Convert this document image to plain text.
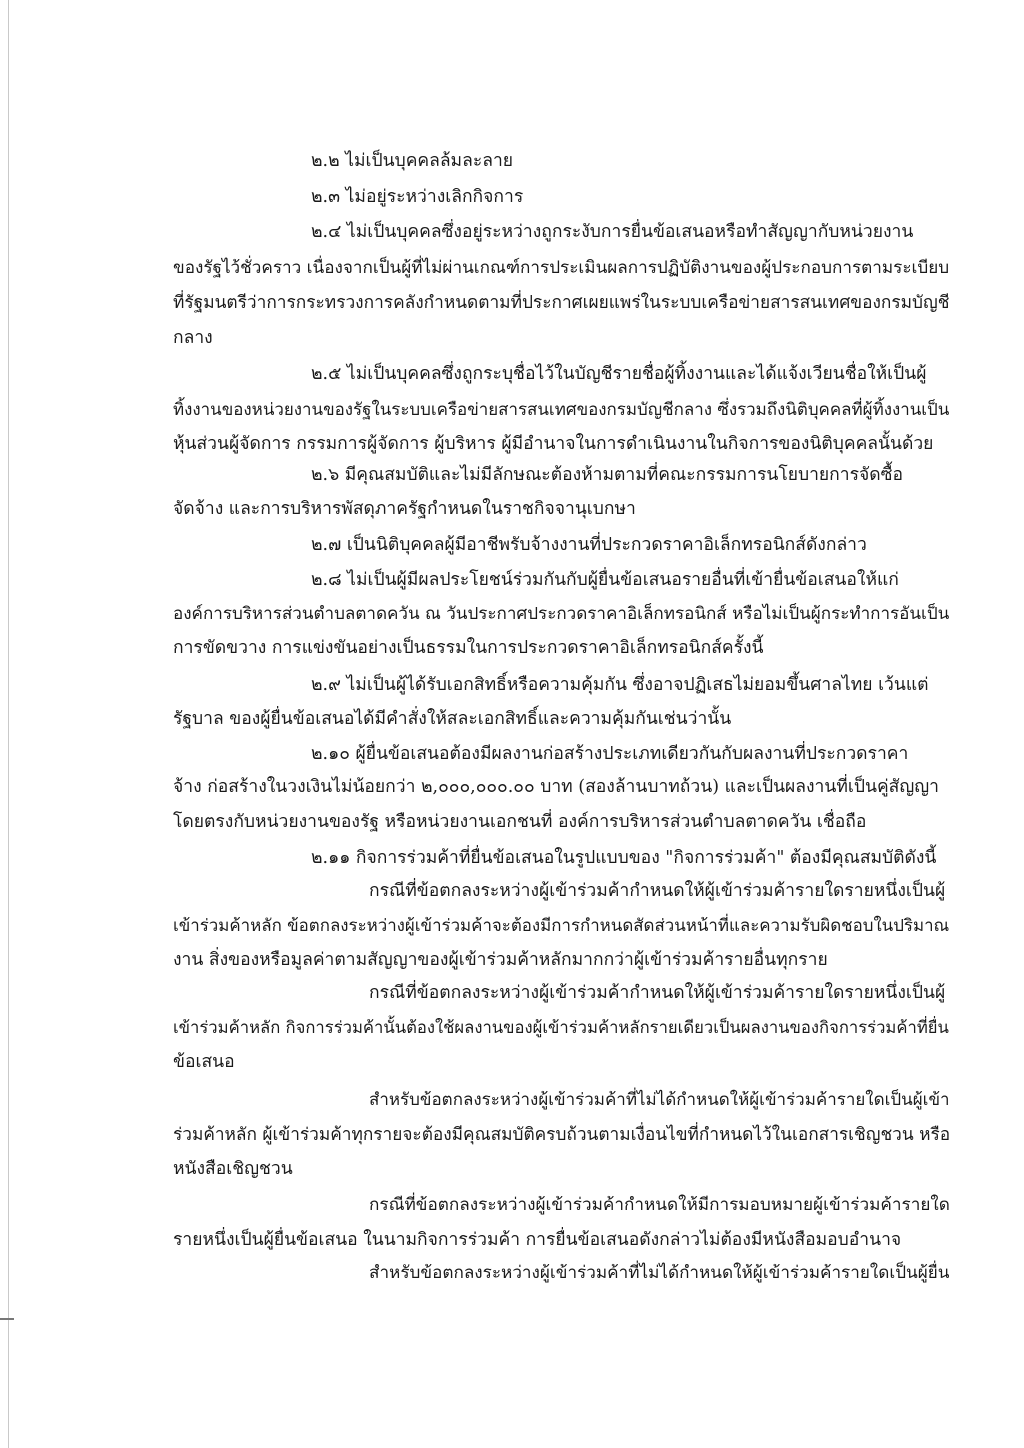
๒.๒ ไม่เป็นบุคคลล้มละลาย
๒.๓ ไม่อยู่ระหว่างเลิกกิจการ
๒.๔ ไม่เป็นบุคคลซึ่งอยู่ระหว่างถูกระงับการยื่นข้อเสนอหรือทำสัญญากับหน่วยงาน
ของรัฐไว้ชั่วคราว เนื่องจากเป็นผู้ที่ไม่ผ่านเกณฑ์การประเมินผลการปฏิบัติงานของผู้ประกอบการตามระเบียบ
ที่รัฐมนตรีว่าการกระทรวงการคลังกำหนดตามที่ประกาศเผยแพร่ในระบบเครือข่ายสารสนเทศของกรมบัญชี
กลาง
๒.๕ ไม่เป็นบุคคลซึ่งถูกระบุชื่อไว้ในบัญชีรายชื่อผู้ทิ้งงานและได้แจ้งเวียนชื่อให้เป็นผู้
ทิ้งงานของหน่วยงานของรัฐในระบบเครือข่ายสารสนเทศของกรมบัญชีกลาง ซึ่งรวมถึงนิติบุคคลที่ผู้ทิ้งงานเป็น
หุ้นส่วนผู้จัดการ กรรมการผู้จัดการ ผู้บริหาร ผู้มีอำนาจในการดำเนินงานในกิจการของนิติบุคคลนั้นด้วย
๒.๖ มีคุณสมบัติและไม่มีลักษณะต้องห้ามตามที่คณะกรรมการนโยบายการจัดซื้อ
จัดจ้าง และการบริหารพัสดุภาครัฐกำหนดในราชกิจจานุเบกษา
๒.๗ เป็นนิติบุคคลผู้มีอาชีพรับจ้างงานที่ประกวดราคาอิเล็กทรอนิกส์ดังกล่าว
๒.๘ ไม่เป็นผู้มีผลประโยชน์ร่วมกันกับผู้ยื่นข้อเสนอรายอื่นที่เข้ายื่นข้อเสนอให้แก่
องค์การบริหารส่วนตำบลตาดควัน ณ วันประกาศประกวดราคาอิเล็กทรอนิกส์ หรือไม่เป็นผู้กระทำการอันเป็น
การขัดขวาง การแข่งขันอย่างเป็นธรรมในการประกวดราคาอิเล็กทรอนิกส์ครั้งนี้
๒.๙ ไม่เป็นผู้ได้รับเอกสิทธิ์หรือความคุ้มกัน ซึ่งอาจปฏิเสธไม่ยอมขึ้นศาลไทย เว้นแต่
รัฐบาล ของผู้ยื่นข้อเสนอได้มีคำสั่งให้สละเอกสิทธิ์และความคุ้มกันเช่นว่านั้น
๒.๑๐ ผู้ยื่นข้อเสนอต้องมีผลงานก่อสร้างประเภทเดียวกันกับผลงานที่ประกวดราคา
จ้าง ก่อสร้างในวงเงินไม่น้อยกว่า ๒,๐๐๐,๐๐๐.๐๐ บาท (สองล้านบาทถ้วน) และเป็นผลงานที่เป็นคู่สัญญา
โดยตรงกับหน่วยงานของรัฐ หรือหน่วยงานเอกชนที่ องค์การบริหารส่วนตำบลตาดควัน เชื่อถือ
๒.๑๑ กิจการร่วมค้าที่ยื่นข้อเสนอในรูปแบบของ "กิจการร่วมค้า" ต้องมีคุณสมบัติดังนี้
กรณีที่ข้อตกลงระหว่างผู้เข้าร่วมค้ากำหนดให้ผู้เข้าร่วมค้ารายใดรายหนึ่งเป็นผู้
เข้าร่วมค้าหลัก ข้อตกลงระหว่างผู้เข้าร่วมค้าจะต้องมีการกำหนดสัดส่วนหน้าที่และความรับผิดชอบในปริมาณ
งาน สิ่งของหรือมูลค่าตามสัญญาของผู้เข้าร่วมค้าหลักมากกว่าผู้เข้าร่วมค้ารายอื่นทุกราย
กรณีที่ข้อตกลงระหว่างผู้เข้าร่วมค้ากำหนดให้ผู้เข้าร่วมค้ารายใดรายหนึ่งเป็นผู้
เข้าร่วมค้าหลัก กิจการร่วมค้านั้นต้องใช้ผลงานของผู้เข้าร่วมค้าหลักรายเดียวเป็นผลงานของกิจการร่วมค้าที่ยื่น
ข้อเสนอ
สำหรับข้อตกลงระหว่างผู้เข้าร่วมค้าที่ไม่ได้กำหนดให้ผู้เข้าร่วมค้ารายใดเป็นผู้เข้า
ร่วมค้าหลัก ผู้เข้าร่วมค้าทุกรายจะต้องมีคุณสมบัติครบถ้วนตามเงื่อนไขที่กำหนดไว้ในเอกสารเชิญชวน หรือ
หนังสือเชิญชวน
กรณีที่ข้อตกลงระหว่างผู้เข้าร่วมค้ากำหนดให้มีการมอบหมายผู้เข้าร่วมค้ารายใด
รายหนึ่งเป็นผู้ยื่นข้อเสนอ ในนามกิจการร่วมค้า การยื่นข้อเสนอดังกล่าวไม่ต้องมีหนังสือมอบอำนาจ
สำหรับข้อตกลงระหว่างผู้เข้าร่วมค้าที่ไม่ได้กำหนดให้ผู้เข้าร่วมค้ารายใดเป็นผู้ยื่น
